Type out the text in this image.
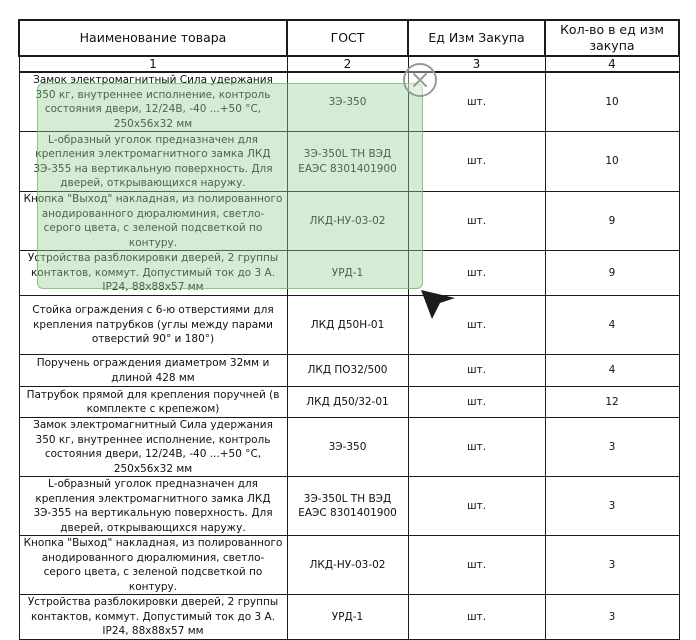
Наименование товара	ГОСТ	Ед Изм Закупа	Кол-во в ед изм закупа
1	2	3	4
Замок электромагнитный Сила удержания 350 кг, внутреннее исполнение, контроль состояния двери, 12/24В, -40 ...+50 °С, 250х56х32 мм	3Э-350	шт.	10
L-образный уголок предназначен для крепления электромагнитного замка ЛКД 3Э-355 на вертикальную поверхность. Для дверей, открывающихся наружу.	3Э-350L ТН ВЭД ЕАЭС 8301401900	шт.	10
Кнопка "Выход" накладная, из полированного анодированного дюралюминия, светло-серого цвета, с зеленой подсветкой по контуру.	ЛКД-НУ-03-02	шт.	9
Устройства разблокировки дверей, 2 группы контактов, коммут. Допустимый ток до 3 А. IP24, 88х88х57 мм	УРД-1	шт.	9
Стойка ограждения с 6-ю отверстиями для крепления патрубков (углы между парами отверстий 90° и 180°)	ЛКД Д50Н-01	шт.	4
Поручень ограждения диаметром 32мм и длиной 428 мм	ЛКД ПО32/500	шт.	4
Патрубок прямой для крепления поручней (в комплекте с крепежом)	ЛКД Д50/32-01	шт.	12
Замок электромагнитный Сила удержания 350 кг, внутреннее исполнение, контроль состояния двери, 12/24В, -40 ...+50 °С, 250х56х32 мм	3Э-350	шт.	3
L-образный уголок предназначен для крепления электромагнитного замка ЛКД 3Э-355 на вертикальную поверхность. Для дверей, открывающихся наружу.	3Э-350L ТН ВЭД ЕАЭС 8301401900	шт.	3
Кнопка "Выход" накладная, из полированного анодированного дюралюминия, светло-серого цвета, с зеленой подсветкой по контуру.	ЛКД-НУ-03-02	шт.	3
Устройства разблокировки дверей, 2 группы контактов, коммут. Допустимый ток до 3 А. IP24, 88х88х57 мм	УРД-1	шт.	3
